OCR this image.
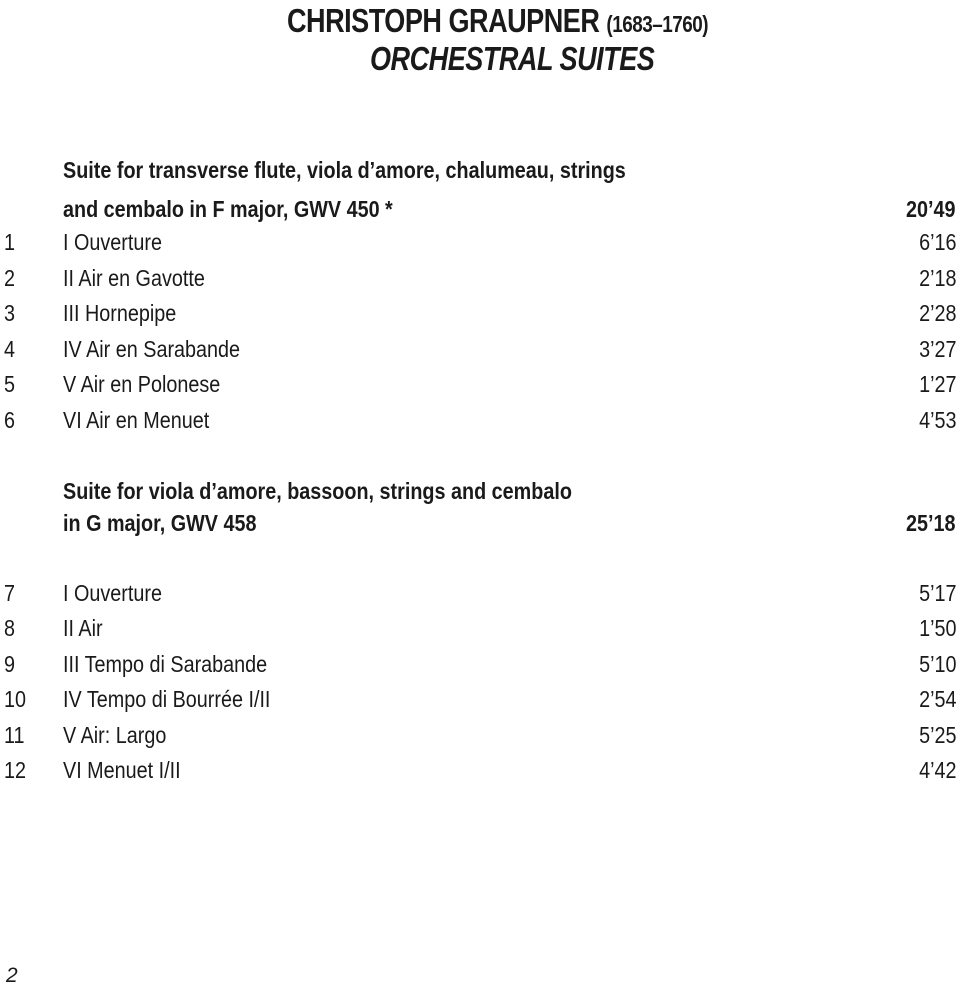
CHRISTOPH GRAUPNER (1683–1760)
ORCHESTRAL SUITES
Suite for transverse flute, viola d’amore, chalumeau, strings
and cembalo in F major, GWV 450 *	20’49
1 I Ouverture	6’16
2 II Air en Gavotte	2’18
3 III Hornepipe	2’28
4 IV Air en Sarabande	3’27
5 V Air en Polonese	1’27
6 VI Air en Menuet	4’53
Suite for viola d’amore, bassoon, strings and cembalo
in G major, GWV 458	25’18
7 I Ouverture	5’17
8 II Air	1’50
9 III Tempo di Sarabande	5’10
10 IV Tempo di Bourrée I/II	2’54
11 V Air: Largo	5’25
12 VI Menuet I/II	4’42
2
